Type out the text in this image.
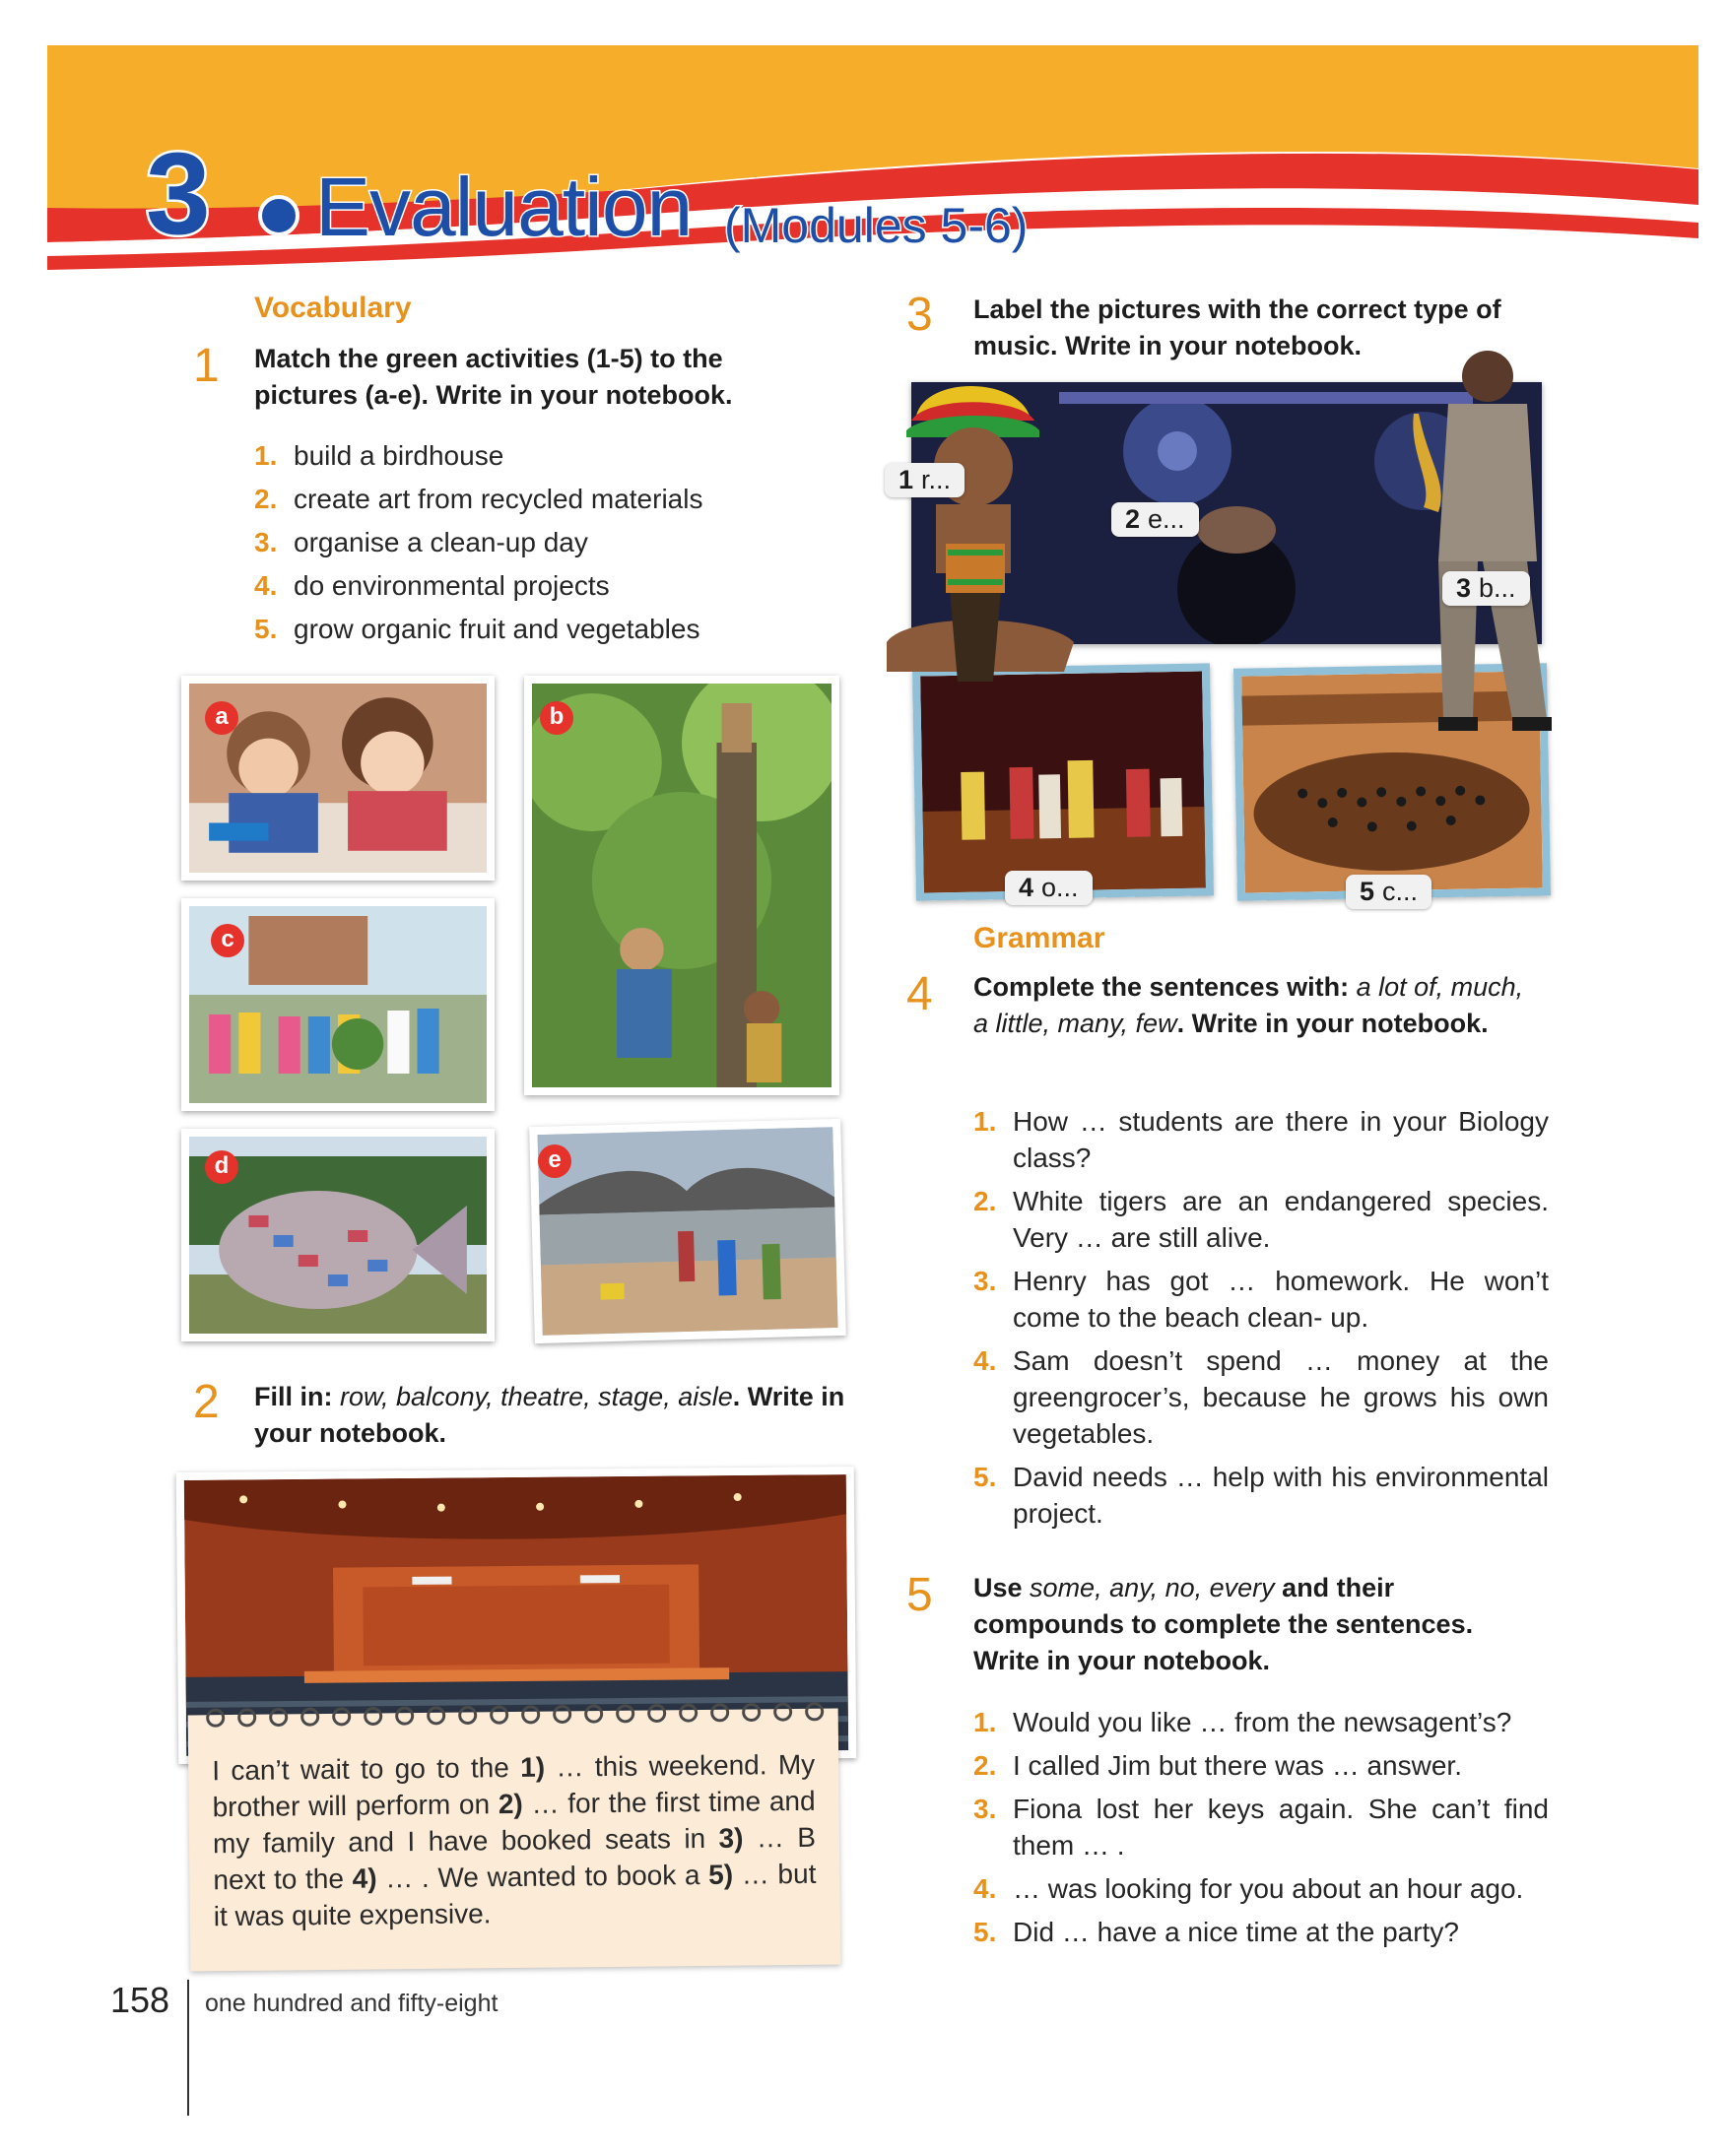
3 Evaluation (Modules 5-6)
Vocabulary
1 Match the green activities (1-5) to the pictures (a-e). Write in your notebook.
1. build a birdhouse
2. create art from recycled materials
3. organise a clean-up day
4. do environmental projects
5. grow organic fruit and vegetables
a	b
c
d	e
2 Fill in: row, balcony, theatre, stage, aisle. Write in your notebook.
I can’t wait to go to the 1) … this weekend. My brother will perform on 2) … for the first time and my family and I have booked seats in 3) … B next to the 4) … . We wanted to book a 5) … but it was quite expensive.
3 Label the pictures with the correct type of music. Write in your notebook.
1 r...
2 e...
3 b...
4 o...	5 c...
Grammar
4 Complete the sentences with: a lot of, much, a little, many, few. Write in your notebook.
1. How … students are there in your Biology class?
2. White tigers are an endangered species. Very … are still alive.
3. Henry has got … homework. He won’t come to the beach clean- up.
4. Sam doesn’t spend … money at the greengrocer’s, because he grows his own vegetables.
5. David needs … help with his environmental project.
5 Use some, any, no, every and their compounds to complete the sentences. Write in your notebook.
1. Would you like … from the newsagent’s?
2. I called Jim but there was … answer.
3. Fiona lost her keys again. She can’t find them … .
4. … was looking for you about an hour ago.
5. Did … have a nice time at the party?
158 one hundred and fifty-eight
